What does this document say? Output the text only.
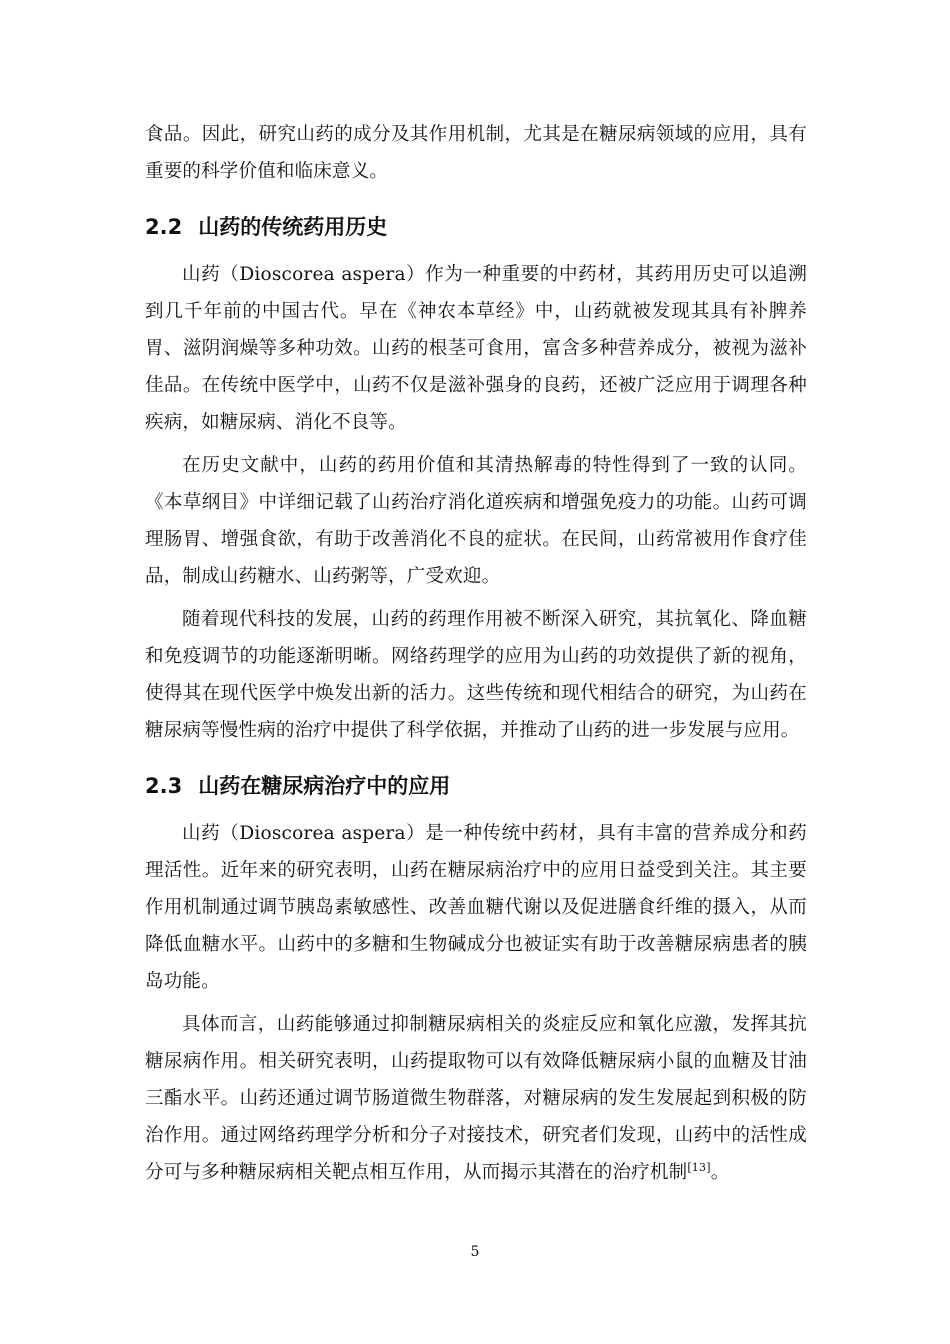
食品。因此，研究山药的成分及其作用机制，尤其是在糖尿病领域的应用，具有重要的科学价值和临床意义。

2.2 山药的传统药用历史

山药（Dioscorea aspera）作为一种重要的中药材，其药用历史可以追溯到几千年前的中国古代。早在《神农本草经》中，山药就被发现其具有补脾养胃、滋阴润燥等多种功效。山药的根茎可食用，富含多种营养成分，被视为滋补佳品。在传统中医学中，山药不仅是滋补强身的良药，还被广泛应用于调理各种疾病，如糖尿病、消化不良等。

在历史文献中，山药的药用价值和其清热解毒的特性得到了一致的认同。《本草纲目》中详细记载了山药治疗消化道疾病和增强免疫力的功能。山药可调理肠胃、增强食欲，有助于改善消化不良的症状。在民间，山药常被用作食疗佳品，制成山药糖水、山药粥等，广受欢迎。

随着现代科技的发展，山药的药理作用被不断深入研究，其抗氧化、降血糖和免疫调节的功能逐渐明晰。网络药理学的应用为山药的功效提供了新的视角，使得其在现代医学中焕发出新的活力。这些传统和现代相结合的研究，为山药在糖尿病等慢性病的治疗中提供了科学依据，并推动了山药的进一步发展与应用。

2.3 山药在糖尿病治疗中的应用

山药（Dioscorea aspera）是一种传统中药材，具有丰富的营养成分和药理活性。近年来的研究表明，山药在糖尿病治疗中的应用日益受到关注。其主要作用机制通过调节胰岛素敏感性、改善血糖代谢以及促进膳食纤维的摄入，从而降低血糖水平。山药中的多糖和生物碱成分也被证实有助于改善糖尿病患者的胰岛功能。

具体而言，山药能够通过抑制糖尿病相关的炎症反应和氧化应激，发挥其抗糖尿病作用。相关研究表明，山药提取物可以有效降低糖尿病小鼠的血糖及甘油三酯水平。山药还通过调节肠道微生物群落，对糖尿病的发生发展起到积极的防治作用。通过网络药理学分析和分子对接技术，研究者们发现，山药中的活性成分可与多种糖尿病相关靶点相互作用，从而揭示其潜在的治疗机制[13]。

5
